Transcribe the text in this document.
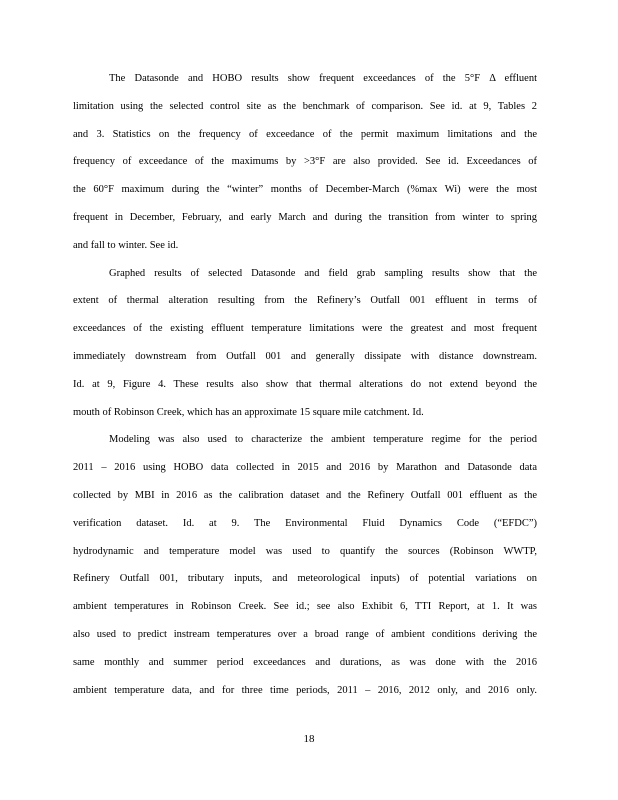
The Datasonde and HOBO results show frequent exceedances of the 5°F Δ effluent
limitation using the selected control site as the benchmark of comparison. See id. at 9, Tables 2
and 3. Statistics on the frequency of exceedance of the permit maximum limitations and the
frequency of exceedance of the maximums by >3°F are also provided. See id. Exceedances of
the 60°F maximum during the “winter” months of December-March (%max Wi) were the most
frequent in December, February, and early March and during the transition from winter to spring
and fall to winter. See id.
Graphed results of selected Datasonde and field grab sampling results show that the
extent of thermal alteration resulting from the Refinery’s Outfall 001 effluent in terms of
exceedances of the existing effluent temperature limitations were the greatest and most frequent
immediately downstream from Outfall 001 and generally dissipate with distance downstream.
Id. at 9, Figure 4. These results also show that thermal alterations do not extend beyond the
mouth of Robinson Creek, which has an approximate 15 square mile catchment. Id.
Modeling was also used to characterize the ambient temperature regime for the period
2011 – 2016 using HOBO data collected in 2015 and 2016 by Marathon and Datasonde data
collected by MBI in 2016 as the calibration dataset and the Refinery Outfall 001 effluent as the
verification dataset. Id. at 9. The Environmental Fluid Dynamics Code (“EFDC”)
hydrodynamic and temperature model was used to quantify the sources (Robinson WWTP,
Refinery Outfall 001, tributary inputs, and meteorological inputs) of potential variations on
ambient temperatures in Robinson Creek. See id.; see also Exhibit 6, TTI Report, at 1. It was
also used to predict instream temperatures over a broad range of ambient conditions deriving the
same monthly and summer period exceedances and durations, as was done with the 2016
ambient temperature data, and for three time periods, 2011 – 2016, 2012 only, and 2016 only.
18
